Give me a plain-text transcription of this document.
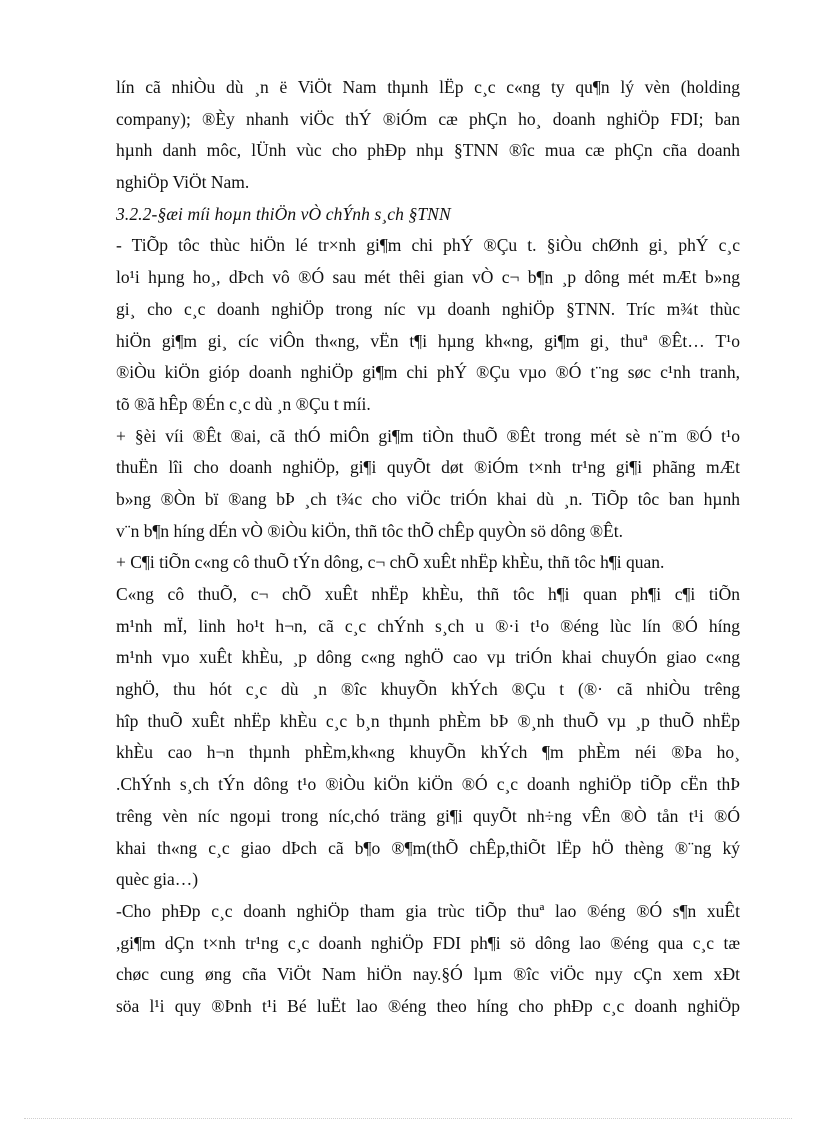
lín cã nhiÒu dù ¸n ë ViÖt Nam thµnh lËp c¸c c«ng ty qu¶n lý vèn (holding
company); ®Èy nhanh viÖc thÝ ®iÓm cæ phÇn ho¸ doanh nghiÖp FDI; ban
hµnh danh môc, lÜnh vùc cho phÐp nhµ §TNN ®îc mua cæ phÇn cña doanh
nghiÖp ViÖt Nam.
3.2.2-§æi míi hoµn thiÖn vÒ chÝnh s¸ch §TNN
- TiÕp tôc thùc hiÖn lé tr×nh gi¶m chi phÝ ®Çu t. §iÒu chØnh gi¸ phÝ c¸c
lo¹i hµng ho¸, dÞch vô ®Ó sau mét thêi gian vÒ c¬ b¶n ¸p dông mét mÆt b»ng
gi¸ cho c¸c doanh nghiÖp trong níc vµ doanh nghiÖp §TNN. Tríc m¾t thùc
hiÖn gi¶m gi¸ cíc viÔn th«ng, vËn t¶i hµng kh«ng, gi¶m gi¸ thuª ®Êt… T¹o
®iÒu kiÖn gióp doanh nghiÖp gi¶m chi phÝ ®Çu vµo ®Ó t¨ng søc c¹nh tranh,
tõ ®ã hÊp ®Én c¸c dù ¸n ®Çu t míi.
+ §èi víi ®Êt ®ai, cã thÓ miÔn gi¶m tiÒn thuÕ ®Êt trong mét sè n¨m ®Ó t¹o
thuËn lîi cho doanh nghiÖp, gi¶i quyÕt døt ®iÓm t×nh tr¹ng gi¶i phãng mÆt
b»ng ®Òn bï ®ang bÞ ¸ch t¾c cho viÖc triÓn khai dù ¸n. TiÕp tôc ban hµnh
v¨n b¶n híng dÉn vÒ ®iÒu kiÖn, thñ tôc thÕ chÊp quyÒn sö dông ®Êt.
+ C¶i tiÕn c«ng cô thuÕ tÝn dông, c¬ chÕ xuÊt nhËp khÈu, thñ tôc h¶i quan.
C«ng cô thuÕ, c¬ chÕ xuÊt nhËp khÈu, thñ tôc h¶i quan ph¶i c¶i tiÕn
m¹nh mÏ, linh ho¹t h¬n, cã c¸c chÝnh s¸ch u ®·i t¹o ®éng lùc lín ®Ó híng
m¹nh vµo xuÊt khÈu, ¸p dông c«ng nghÖ cao vµ triÓn khai chuyÓn giao c«ng
nghÖ, thu hót c¸c dù ¸n ®îc khuyÕn khÝch ®Çu t (®· cã nhiÒu trêng
hîp thuÕ xuÊt nhËp khÈu c¸c b¸n thµnh phÈm bÞ ®¸nh thuÕ vµ ¸p thuÕ nhËp
khÈu cao h¬n thµnh phÈm,kh«ng khuyÕn khÝch ¶m phÈm néi ®Þa ho¸
.ChÝnh s¸ch tÝn dông t¹o ®iÒu kiÖn kiÖn ®Ó c¸c doanh nghiÖp tiÕp cËn thÞ
trêng vèn níc ngoµi trong níc,chó träng gi¶i quyÕt nh÷ng vÊn ®Ò tån t¹i ®Ó
khai th«ng c¸c giao dÞch cã b¶o ®¶m(thÕ chÊp,thiÕt lËp hÖ thèng ®¨ng ký
quèc gia…)
-Cho phÐp c¸c doanh nghiÖp tham gia trùc tiÕp thuª lao ®éng ®Ó s¶n xuÊt
,gi¶m dÇn t×nh tr¹ng c¸c doanh nghiÖp FDI ph¶i sö dông lao ®éng qua c¸c tæ
chøc cung øng cña ViÖt Nam hiÖn nay.§Ó lµm ®îc viÖc nµy cÇn xem xÐt
söa l¹i quy ®Þnh t¹i Bé luËt lao ®éng theo híng cho phÐp c¸c doanh nghiÖp
